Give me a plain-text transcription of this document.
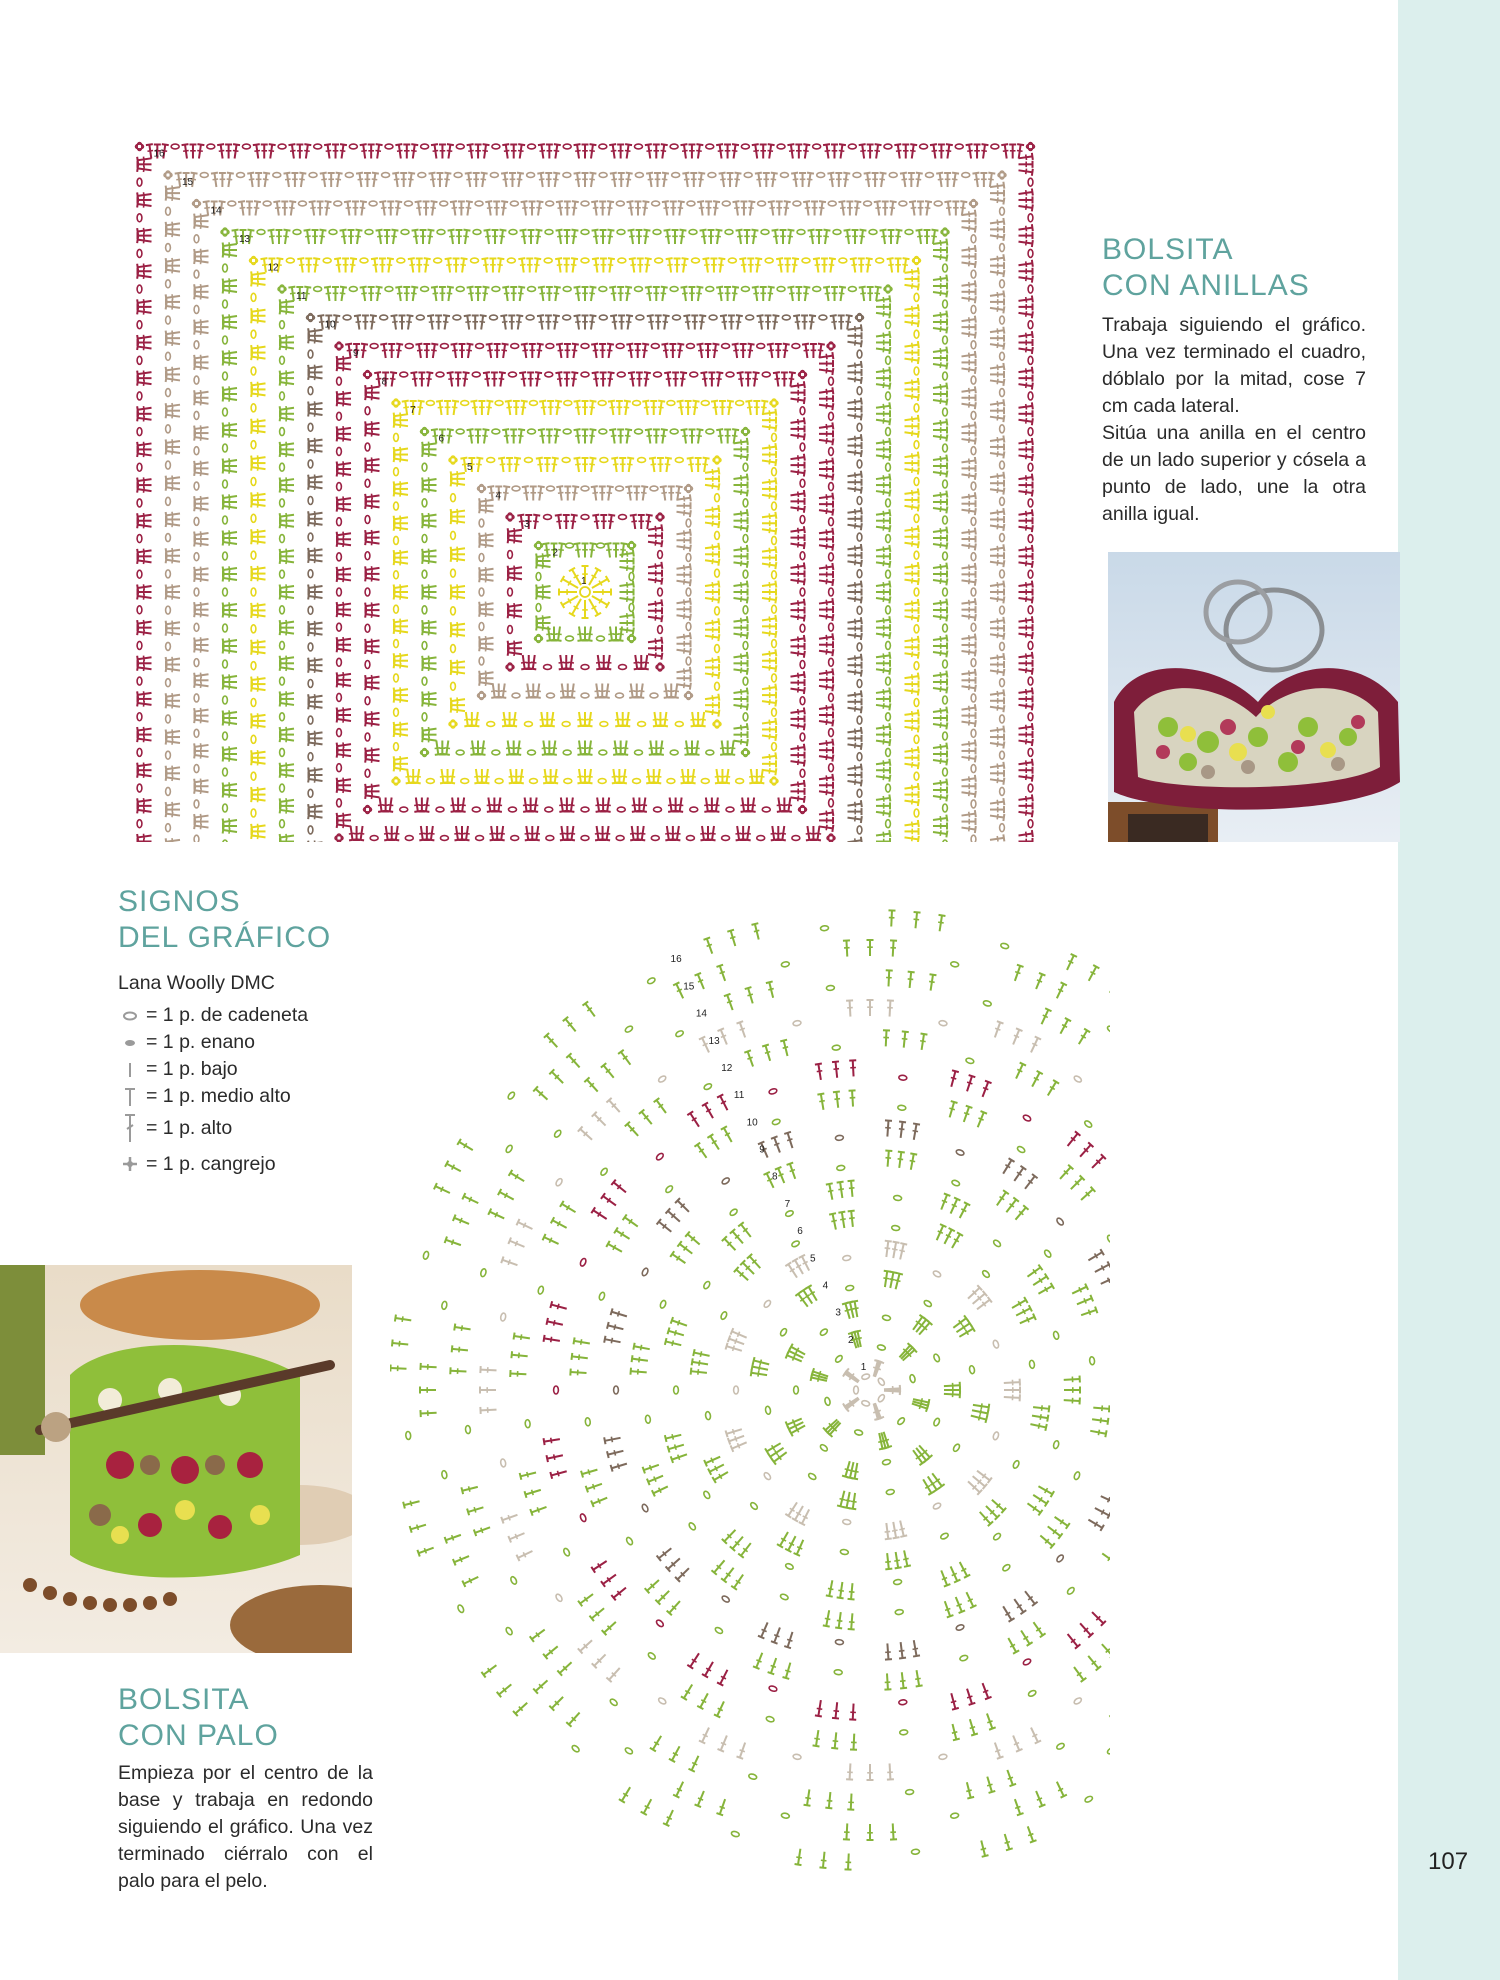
1
2
3
4
5
6
7
8
9
10
11
12
13
14
15
16
1
2
3
4
5
6
7
8
9
10
11
12
13
14
15
16
BOLSITA
CON ANILLAS

Trabaja siguiendo el gráfico. Una vez terminado el cuadro, dóblalo por la mitad, cose 7 cm cada lateral.

Sitúa una anilla en el centro de un lado superior y cósela a punto de lado, une la otra anilla igual.

SIGNOS
DEL GRÁFICO

Lana Woolly DMC

= 1 p. de cadeneta
= 1 p. enano
= 1 p. bajo
= 1 p. medio alto
= 1 p. alto
= 1 p. cangrejo
BOLSITA
CON PALO

Empieza por el centro de la base y trabaja en redondo siguiendo el gráfico. Una vez terminado ciérralo con el palo para el pelo.

107
